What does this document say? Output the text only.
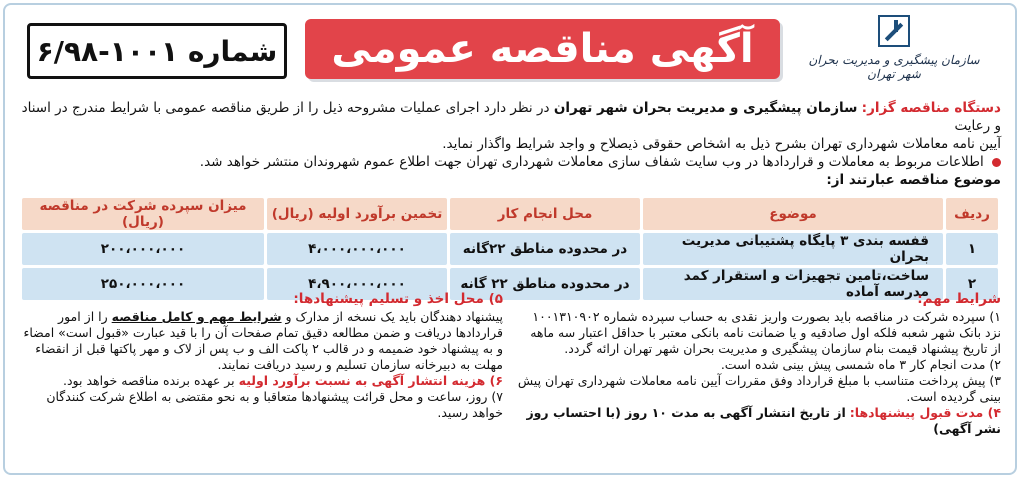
شماره ۱۰۰۱-۶/۹۸ آگهی مناقصه عمومی	سازمان پیشگیری و مدیریت بحران شهر تهران
دستگاه مناقصه گزار: سازمان پیشگیری و مدیریت بحران شهر تهران در نظر دارد اجرای عملیات مشروحه ذیل را از طریق مناقصه عمومی با شرایط مندرج در اسناد و رعایت
آیین نامه معاملات شهرداری تهران بشرح ذیل به اشخاص حقوقی ذیصلاح و واجد شرایط واگذار نماید.
اطلاعات مربوط به معاملات و قراردادها در وب سایت شفاف سازی معاملات شهرداری تهران جهت اطلاع عموم شهروندان منتشر خواهد شد.
موضوع مناقصه عبارتند از:
ردیف	موضوع	محل انجام کار	تخمین برآورد اولیه (ریال)	میزان سپرده شرکت در مناقصه (ریال)
۱	قفسه بندی ۳ پایگاه پشتیبانی مدیریت بحران	در محدوده مناطق ۲۲گانه	۴،۰۰۰،۰۰۰،۰۰۰	۲۰۰،۰۰۰،۰۰۰
۲	ساخت،تامین تجهیزات و استقرار کمد مدرسه آماده	در محدوده مناطق ۲۲ گانه	۴،۹۰۰،۰۰۰،۰۰۰	۲۵۰،۰۰۰،۰۰۰
شرایط مهم:
۱) سپرده شرکت در مناقصه باید بصورت واریز نقدی به حساب سپرده شماره ۱۰۰۱۳۱۰۹۰۲ نزد بانک شهر شعبه فلکه اول صادقیه و یا ضمانت نامه بانکی معتبر با حداقل اعتبار سه ماهه از تاریخ پیشنهاد قیمت بنام سازمان پیشگیری و مدیریت بحران شهر تهران ارائه گردد.
۲) مدت انجام کار ۳ ماه شمسی پیش بینی شده است.
۳) پیش پرداخت متناسب با مبلغ قرارداد وفق مقررات آیین نامه معاملات شهرداری تهران پیش بینی گردیده است.
۴) مدت قبول پیشنهادها: از تاریخ انتشار آگهی به مدت ۱۰ روز (با احتساب روز نشر آگهی)
۵) محل اخذ و تسلیم پیشنهادها:
پیشنهاد دهندگان باید یک نسخه از مدارک و شرایط مهم و کامل مناقصه را از امور قراردادها دریافت و ضمن مطالعه دقیق تمام صفحات آن را با قید عبارت «قبول است» امضاء و به پیشنهاد خود ضمیمه و در قالب ۲ پاکت الف و ب پس از لاک و مهر پاکتها قبل از انقضاء مهلت به دبیرخانه سازمان تسلیم و رسید دریافت نمایند.
۶) هزینه انتشار آگهی به نسبت برآورد اولیه بر عهده برنده مناقصه خواهد بود.
۷) روز، ساعت و محل قرائت پیشنهادها متعاقبا و به نحو مقتضی به اطلاع شرکت کنندگان خواهد رسید.
